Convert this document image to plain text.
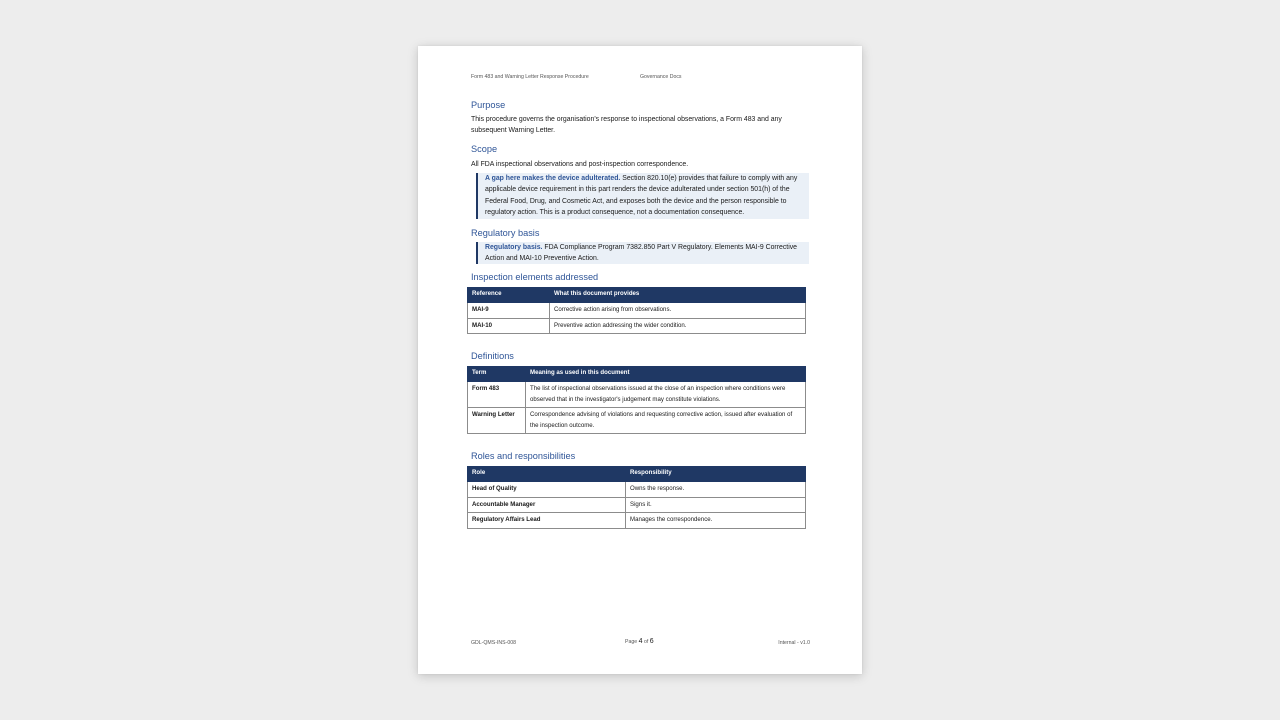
Form 483 and Warning Letter Response Procedure	Governance Docs
Purpose

This procedure governs the organisation's response to inspectional observations, a Form 483 and any subsequent Warning Letter.

Scope

All FDA inspectional observations and post-inspection correspondence.

A gap here makes the device adulterated. Section 820.10(e) provides that failure to comply with any applicable device requirement in this part renders the device adulterated under section 501(h) of the Federal Food, Drug, and Cosmetic Act, and exposes both the device and the person responsible to regulatory action. This is a product consequence, not a documentation consequence.
Regulatory basis
Regulatory basis. FDA Compliance Program 7382.850 Part V Regulatory. Elements MAI-9 Corrective Action and MAI-10 Preventive Action.
Inspection elements addressed
Reference	What this document provides
MAI-9	Corrective action arising from observations.
MAI-10	Preventive action addressing the wider condition.
Definitions
Term	Meaning as used in this document
Form 483	The list of inspectional observations issued at the close of an inspection where conditions were observed that in the investigator's judgement may constitute violations.
Warning Letter	Correspondence advising of violations and requesting corrective action, issued after evaluation of the inspection outcome.
Roles and responsibilities
Role	Responsibility
Head of Quality	Owns the response.
Accountable Manager	Signs it.
Regulatory Affairs Lead	Manages the correspondence.
GDL-QMS-INS-008	Page 4 of 6	Internal - v1.0
